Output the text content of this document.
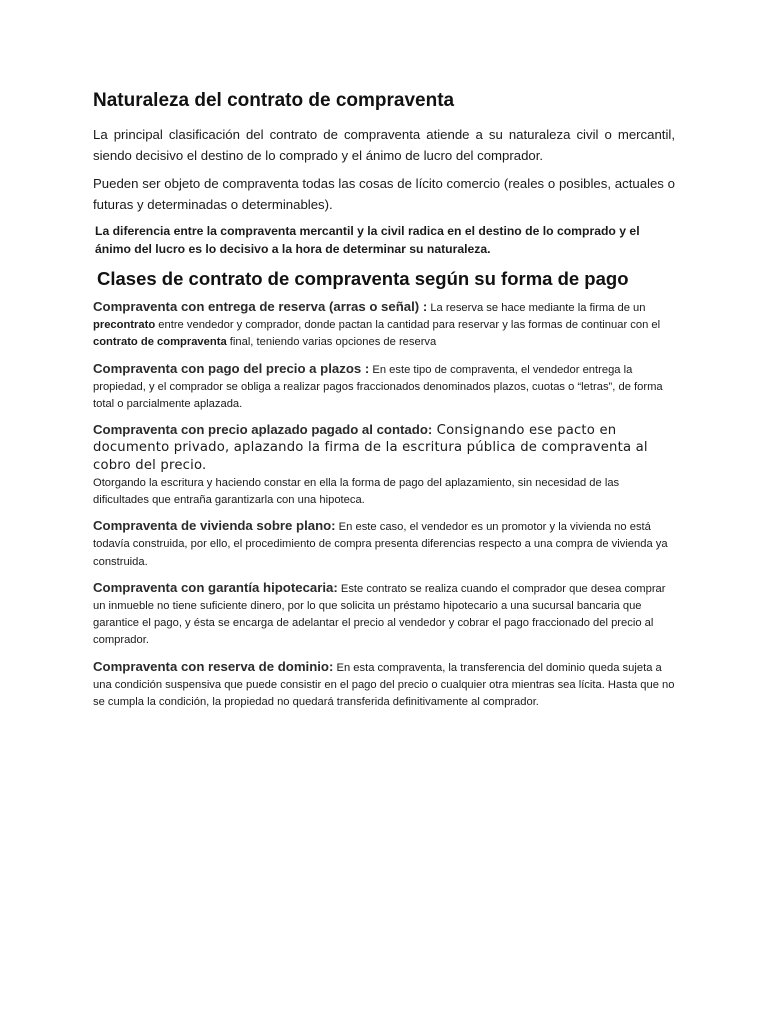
Naturaleza del contrato de compraventa

La principal clasificación del contrato de compraventa atiende a su naturaleza civil o mercantil, siendo decisivo el destino de lo comprado y el ánimo de lucro del comprador.

Pueden ser objeto de compraventa todas las cosas de lícito comercio (reales o posibles, actuales o futuras y determinadas o determinables).

La diferencia entre la compraventa mercantil y la civil radica en el destino de lo comprado y el ánimo del lucro es lo decisivo a la hora de determinar su naturaleza.

Clases de contrato de compraventa según su forma de pago

Compraventa con entrega de reserva (arras o señal) : La reserva se hace mediante la firma de un precontrato entre vendedor y comprador, donde pactan la cantidad para reservar y las formas de continuar con el contrato de compraventa final, teniendo varias opciones de reserva

Compraventa con pago del precio a plazos : En este tipo de compraventa, el vendedor entrega la propiedad, y el comprador se obliga a realizar pagos fraccionados denominados plazos, cuotas o “letras”, de forma total o parcialmente aplazada.

Compraventa con precio aplazado pagado al contado: Consignando ese pacto en documento privado, aplazando la firma de la escritura pública de compraventa al cobro del precio.
Otorgando la escritura y haciendo constar en ella la forma de pago del aplazamiento, sin necesidad de las dificultades que entraña garantizarla con una hipoteca.

Compraventa de vivienda sobre plano: En este caso, el vendedor es un promotor y la vivienda no está todavía construida, por ello, el procedimiento de compra presenta diferencias respecto a una compra de vivienda ya construida.

Compraventa con garantía hipotecaria: Este contrato se realiza cuando el comprador que desea comprar un inmueble no tiene suficiente dinero, por lo que solicita un préstamo hipotecario a una sucursal bancaria que garantice el pago, y ésta se encarga de adelantar el precio al vendedor y cobrar el pago fraccionado del precio al comprador.

Compraventa con reserva de dominio: En esta compraventa, la transferencia del dominio queda sujeta a una condición suspensiva que puede consistir en el pago del precio o cualquier otra mientras sea lícita. Hasta que no se cumpla la condición, la propiedad no quedará transferida definitivamente al comprador.
